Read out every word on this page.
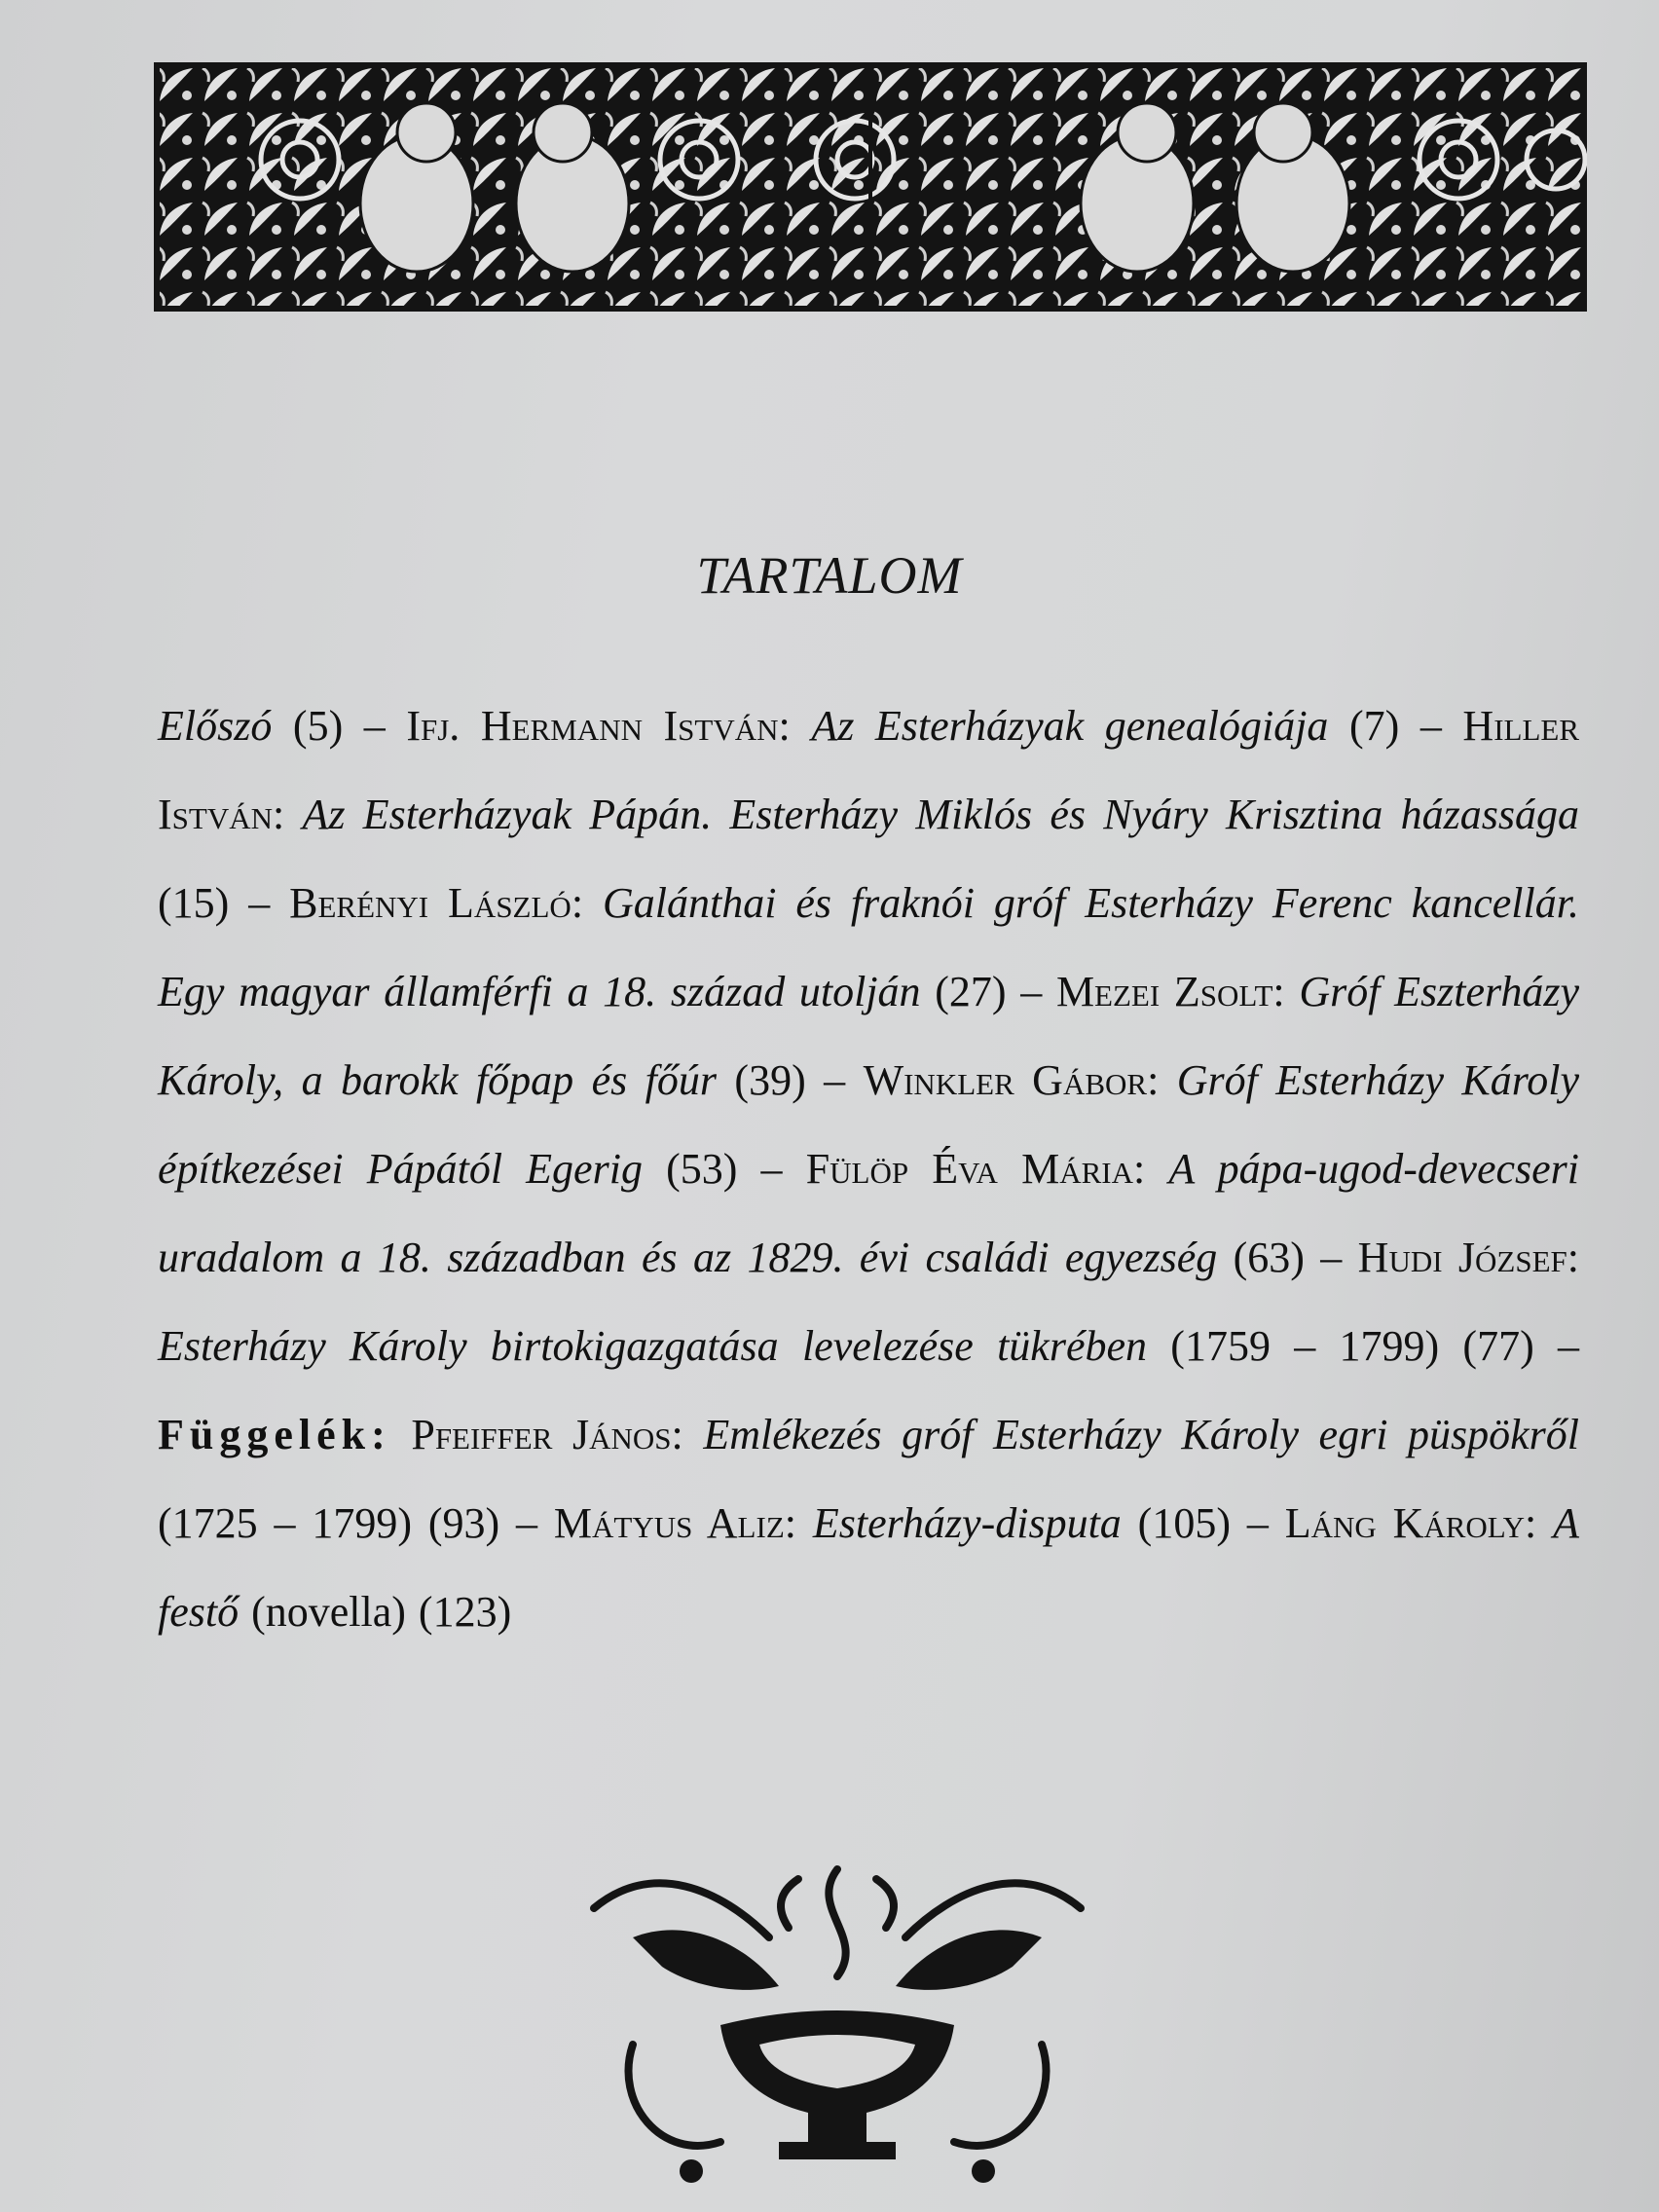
TARTALOM
Előszó (5) – Ifj. Hermann István: Az Esterházyak genealógiája (7) – Hiller István: Az Esterházyak Pápán. Esterházy Miklós és Nyáry Krisztina házassága (15) – Berényi László: Galánthai és fraknói gróf Esterházy Ferenc kancellár. Egy magyar államférfi a 18. század utolján (27) – Mezei Zsolt: Gróf Eszterházy Károly, a barokk főpap és főúr (39) – Winkler Gábor: Gróf Esterházy Károly építkezései Pápától Egerig (53) – Fülöp Éva Mária: A pápa-ugod-devecseri uradalom a 18. században és az 1829. évi családi egyezség (63) – Hudi József: Esterházy Károly birtokigazgatása levelezése tükrében (1759 – 1799) (77) – Függelék: Pfeiffer János: Emlékezés gróf Esterházy Károly egri püspökről (1725 – 1799) (93) – Mátyus Aliz: Esterházy-disputa (105) – Láng Károly: A festő (novella) (123)
